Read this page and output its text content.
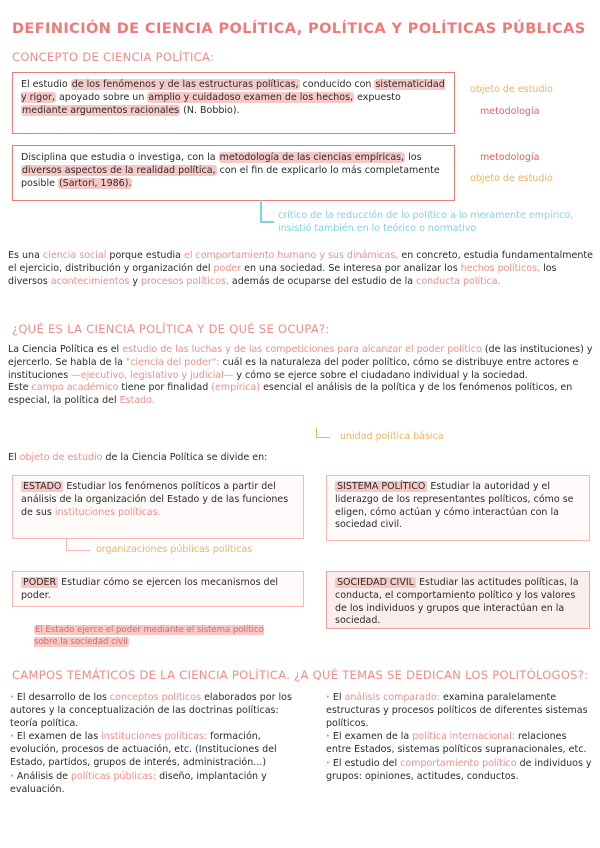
DEFINICIÓN DE CIENCIA POLÍTICA, POLÍTICA Y POLÍTICAS PÚBLICAS
CONCEPTO DE CIENCIA POLÍTICA:
El estudio de los fenómenos y de las estructuras políticas, conducido con sistematicidad y rigor, apoyado sobre un amplio y cuidadoso examen de los hechos, expuesto mediante argumentos racionales (N. Bobbio).
objeto de estudio
metodología
Disciplina que estudia o investiga, con la metodología de las ciencias empíricas, los diversos aspectos de la realidad política, con el fin de explicarlo lo más completamente posible (Sartori, 1986).
metodología
objeto de estudio
crítico de la reducción de lo político a lo meramente empírico, insistió también en lo teórico o normativo
Es una ciencia social porque estudia el comportamiento humano y sus dinámicas, en concreto, estudia fundamentalmente el ejercicio, distribución y organización del poder en una sociedad. Se interesa por analizar los hechos políticos, los diversos acontecimientos y procesos políticos, además de ocuparse del estudio de la conducta política.
¿QUÉ ES LA CIENCIA POLÍTICA Y DE QUÉ SE OCUPA?:
La Ciencia Política es el estudio de las luchas y de las competiciones para alcanzar el poder político (de las instituciones) y ejercerlo. Se habla de la "ciencia del poder": cuál es la naturaleza del poder político, cómo se distribuye entre actores e instituciones —ejecutivo, legislativo y judicial— y cómo se ejerce sobre el ciudadano individual y la sociedad.
Este campo académico tiene por finalidad (empírica) esencial el análisis de la política y de los fenómenos políticos, en especial, la política del Estado.
unidad política básica
El objeto de estudio de la Ciencia Política se divide en:
ESTADO Estudiar los fenómenos políticos a partir del análisis de la organización del Estado y de las funciones de sus instituciones políticas.
organizaciones públicas políticas
SISTEMA POLÍTICO Estudiar la autoridad y el liderazgo de los representantes políticos, cómo se eligen, cómo actúan y cómo interactúan con la sociedad civil.
PODER Estudiar cómo se ejercen los mecanismos del poder.
SOCIEDAD CIVIL Estudiar las actitudes políticas, la conducta, el comportamiento político y los valores de los individuos y grupos que interactúan en la sociedad.
El Estado ejerce el poder mediante el sistema político sobre la sociedad civil
CAMPOS TEMÁTICOS DE LA CIENCIA POLÍTICA. ¿A QUÉ TEMAS SE DEDICAN LOS POLITÓLOGOS?:
· El desarrollo de los conceptos políticos elaborados por los autores y la conceptualización de las doctrinas políticas: teoría política.
· El examen de las instituciones políticas: formación, evolución, procesos de actuación, etc. (Instituciones del Estado, partidos, grupos de interés, administración...)
· Análisis de políticas públicas: diseño, implantación y evaluación.
· El análisis comparado: examina paralelamente estructuras y procesos políticos de diferentes sistemas políticos.
· El examen de la política internacional: relaciones entre Estados, sistemas políticos supranacionales, etc.
· El estudio del comportamiento político de individuos y grupos: opiniones, actitudes, conductos.
